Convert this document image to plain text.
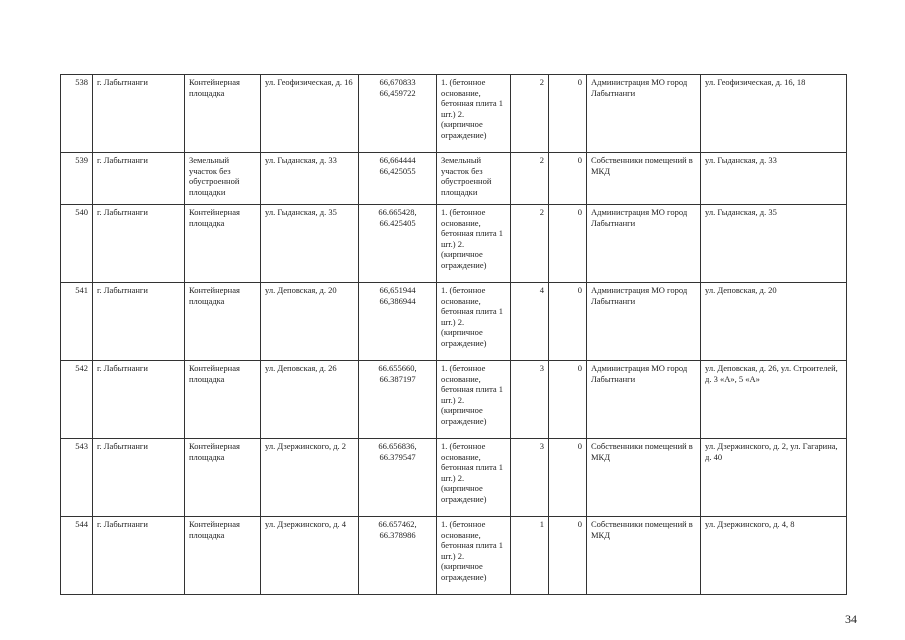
538	г. Лабытнанги	Контейнерная площадка	ул. Геофизическая, д. 16	66,670833
66,459722	1. (бетонное основание, бетонная плита 1 шт.) 2. (кирпичное ограждение)	2	0	Администрация МО город Лабытнанги	ул. Геофизическая, д. 16, 18
539	г. Лабытнанги	Земельный участок без обустроенной площадки	ул. Гыданская, д. 33	66,664444
66,425055	Земельный участок без обустроенной площадки	2	0	Собственники помещений в МКД	ул. Гыданская, д. 33
540	г. Лабытнанги	Контейнерная площадка	ул. Гыданская, д. 35	66.665428,
66.425405	1. (бетонное основание, бетонная плита 1 шт.) 2. (кирпичное ограждение)	2	0	Администрация МО город Лабытнанги	ул. Гыданская, д. 35
541	г. Лабытнанги	Контейнерная площадка	ул. Деповская, д. 20	66,651944
66,386944	1. (бетонное основание, бетонная плита 1 шт.) 2. (кирпичное ограждение)	4	0	Администрация МО город Лабытнанги	ул. Деповская, д. 20
542	г. Лабытнанги	Контейнерная площадка	ул. Деповская, д. 26	66.655660,
66.387197	1. (бетонное основание, бетонная плита 1 шт.) 2. (кирпичное ограждение)	3	0	Администрация МО город Лабытнанги	ул. Деповская, д. 26, ул. Строителей, д. 3 «А», 5 «А»
543	г. Лабытнанги	Контейнерная площадка	ул. Дзержинского, д. 2	66.656836,
66.379547	1. (бетонное основание, бетонная плита 1 шт.) 2. (кирпичное ограждение)	3	0	Собственники помещений в МКД	ул. Дзержинского, д. 2, ул. Гагарина, д. 40
544	г. Лабытнанги	Контейнерная площадка	ул. Дзержинского, д. 4	66.657462,
66.378986	1. (бетонное основание, бетонная плита 1 шт.) 2. (кирпичное ограждение)	1	0	Собственники помещений в МКД	ул. Дзержинского, д. 4, 8
34
